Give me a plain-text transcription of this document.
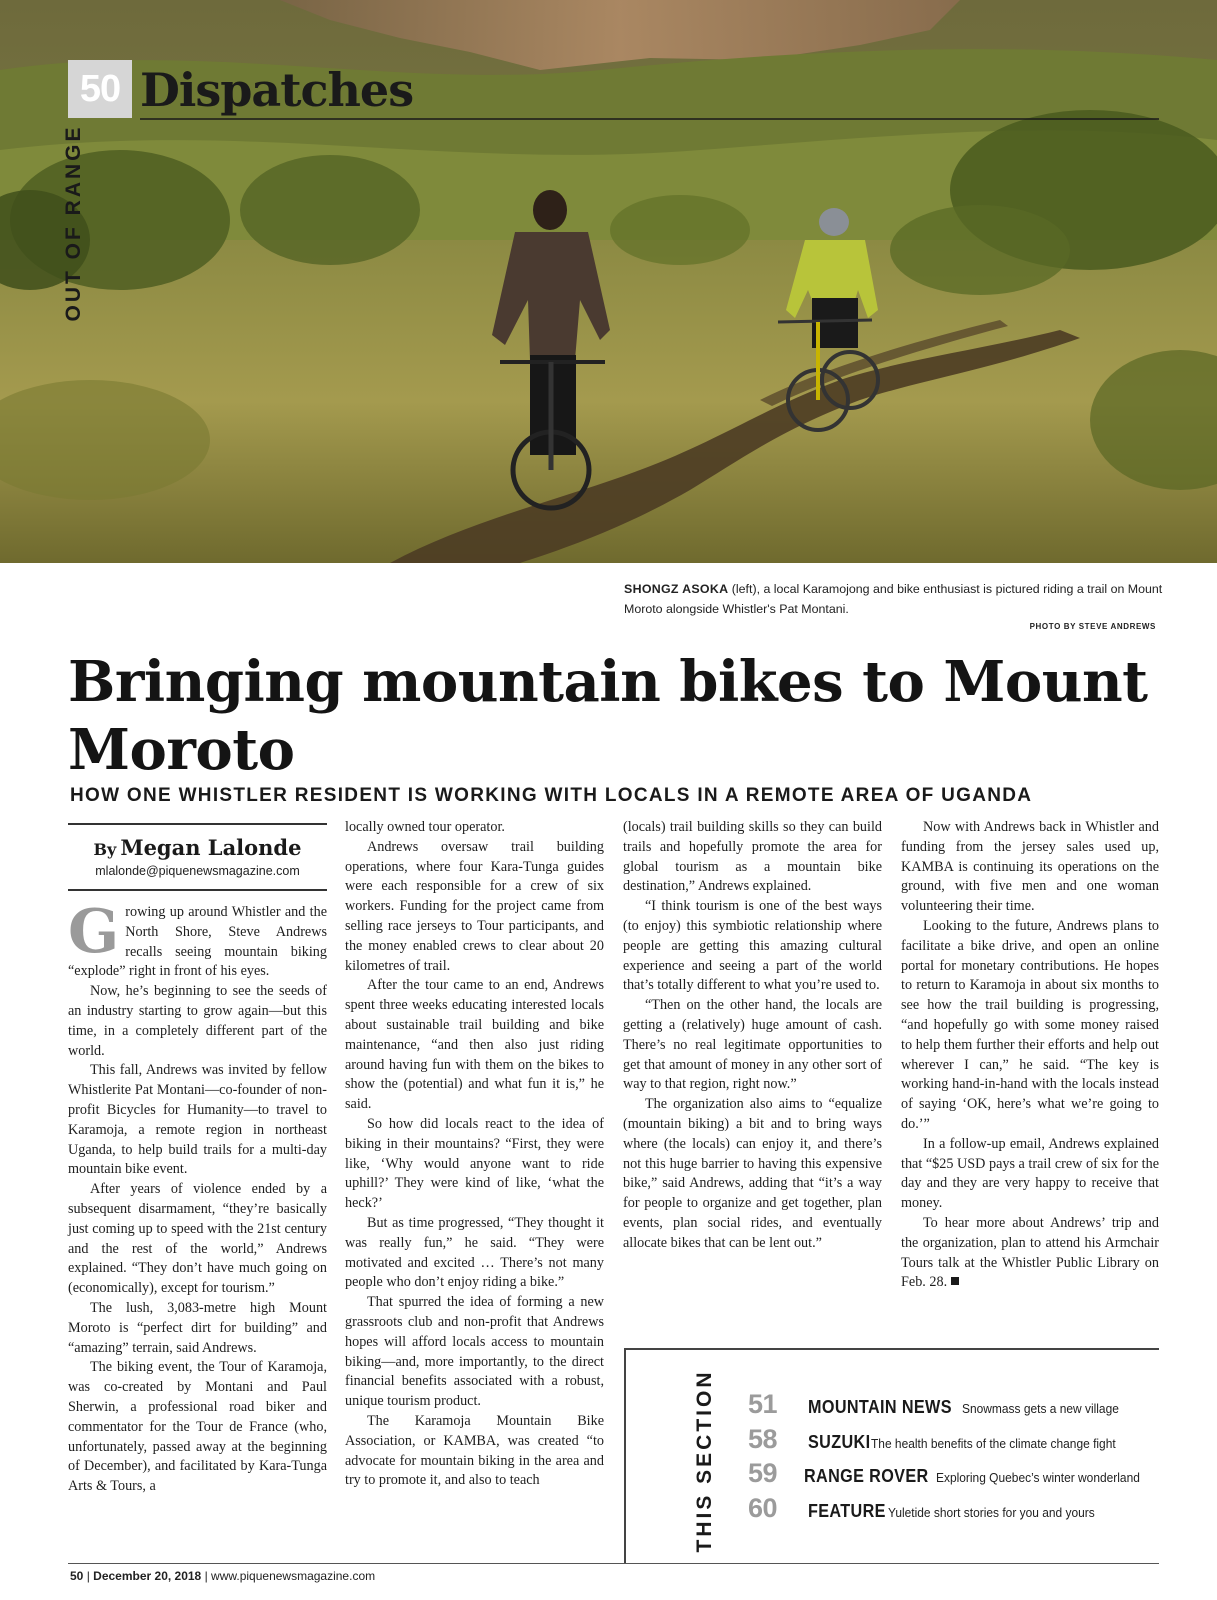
50 Dispatches
OUT OF RANGE
SHONGZ ASOKA (left), a local Karamojong and bike enthusiast is pictured riding a trail on Mount Moroto alongside Whistler's Pat Montani.
PHOTO BY STEVE ANDREWS
Bringing mountain bikes to Mount Moroto
HOW ONE WHISTLER RESIDENT IS WORKING WITH LOCALS IN A REMOTE AREA OF UGANDA
By Megan Lalonde
mlalonde@piquenewsmagazine.com

Growing up around Whistler and the North Shore, Steve Andrews recalls seeing mountain biking “explode” right in front of his eyes.

Now, he’s beginning to see the seeds of an industry starting to grow again—but this time, in a completely different part of the world.

This fall, Andrews was invited by fellow Whistlerite Pat Montani—co-founder of non-profit Bicycles for Humanity—to travel to Karamoja, a remote region in northeast Uganda, to help build trails for a multi-day mountain bike event.

After years of violence ended by a subsequent disarmament, “they’re basically just coming up to speed with the 21st century and the rest of the world,” Andrews explained. “They don’t have much going on (economically), except for tourism.”

The lush, 3,083-metre high Mount Moroto is “perfect dirt for building” and “amazing” terrain, said Andrews.

The biking event, the Tour of Karamoja, was co-created by Montani and Paul Sherwin, a professional road biker and commentator for the Tour de France (who, unfortunately, passed away at the beginning of December), and facilitated by Kara-Tunga Arts & Tours, a

locally owned tour operator.

Andrews oversaw trail building operations, where four Kara-Tunga guides were each responsible for a crew of six workers. Funding for the project came from selling race jerseys to Tour participants, and the money enabled crews to clear about 20 kilometres of trail.

After the tour came to an end, Andrews spent three weeks educating interested locals about sustainable trail building and bike maintenance, “and then also just riding around having fun with them on the bikes to show the (potential) and what fun it is,” he said.

So how did locals react to the idea of biking in their mountains? “First, they were like, ‘Why would anyone want to ride uphill?’ They were kind of like, ‘what the heck?’

But as time progressed, “They thought it was really fun,” he said. “They were motivated and excited … There’s not many people who don’t enjoy riding a bike.”

That spurred the idea of forming a new grassroots club and non-profit that Andrews hopes will afford locals access to mountain biking—and, more importantly, to the direct financial benefits associated with a robust, unique tourism product.

The Karamoja Mountain Bike Association, or KAMBA, was created “to advocate for mountain biking in the area and try to promote it, and also to teach

(locals) trail building skills so they can build trails and hopefully promote the area for global tourism as a mountain bike destination,” Andrews explained.

“I think tourism is one of the best ways (to enjoy) this symbiotic relationship where people are getting this amazing cultural experience and seeing a part of the world that’s totally different to what you’re used to.

“Then on the other hand, the locals are getting a (relatively) huge amount of cash. There’s no real legitimate opportunities to get that amount of money in any other sort of way to that region, right now.”

The organization also aims to “equalize (mountain biking) a bit and to bring ways where (the locals) can enjoy it, and there’s not this huge barrier to having this expensive bike,” said Andrews, adding that “it’s a way for people to organize and get together, plan events, plan social rides, and eventually allocate bikes that can be lent out.”

Now with Andrews back in Whistler and funding from the jersey sales used up, KAMBA is continuing its operations on the ground, with five men and one woman volunteering their time.

Looking to the future, Andrews plans to facilitate a bike drive, and open an online portal for monetary contributions. He hopes to return to Karamoja in about six months to see how the trail building is progressing, “and hopefully go with some money raised to help them further their efforts and help out wherever I can,” he said. “The key is working hand-in-hand with the locals instead of saying ‘OK, here’s what we’re going to do.’”

In a follow-up email, Andrews explained that “$25 USD pays a trail crew of six for the day and they are very happy to receive that money.

To hear more about Andrews’ trip and the organization, plan to attend his Armchair Tours talk at the Whistler Public Library on Feb. 28.

THIS SECTION 51	MOUNTAIN NEWS Snowmass gets a new village
58	SUZUKI The health benefits of the climate change fight
59	RANGE ROVER Exploring Quebec’s winter wonderland
60	FEATURE Yuletide short stories for you and yours
50 | December 20, 2018 | www.piquenewsmagazine.com
